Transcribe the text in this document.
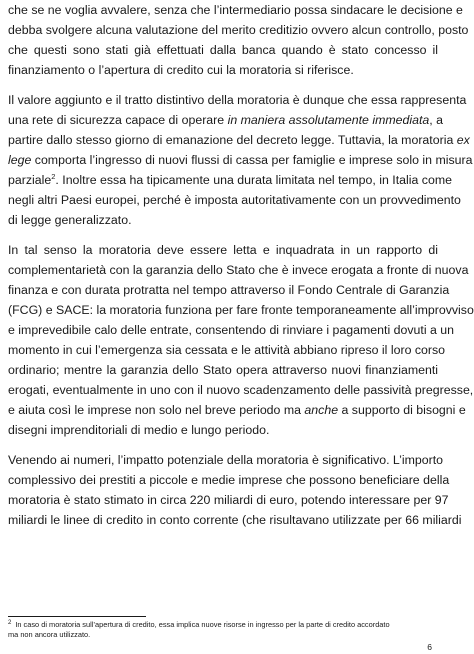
che se ne voglia avvalere, senza che l’intermediario possa sindacare le decisione e
debba svolgere alcuna valutazione del merito creditizio ovvero alcun controllo, posto
che questi sono stati già effettuati dalla banca quando è stato concesso il
finanziamento o l’apertura di credito cui la moratoria si riferisce.
Il valore aggiunto e il tratto distintivo della moratoria è dunque che essa rappresenta
una rete di sicurezza capace di operare in maniera assolutamente immediata, a
partire dallo stesso giorno di emanazione del decreto legge. Tuttavia, la moratoria ex
lege comporta l’ingresso di nuovi flussi di cassa per famiglie e imprese solo in misura
parziale$^2$. Inoltre essa ha tipicamente una durata limitata nel tempo, in Italia come
negli altri Paesi europei, perché è imposta autoritativamente con un provvedimento
di legge generalizzato.
In tal senso la moratoria deve essere letta e inquadrata in un rapporto di
complementarietà con la garanzia dello Stato che è invece erogata a fronte di nuova
finanza e con durata protratta nel tempo attraverso il Fondo Centrale di Garanzia
(FCG) e SACE: la moratoria funziona per fare fronte temporaneamente all’improvviso
e imprevedibile calo delle entrate, consentendo di rinviare i pagamenti dovuti a un
momento in cui l’emergenza sia cessata e le attività abbiano ripreso il loro corso
ordinario; mentre la garanzia dello Stato opera attraverso nuovi finanziamenti
erogati, eventualmente in uno con il nuovo scadenzamento delle passività pregresse,
e aiuta così le imprese non solo nel breve periodo ma anche a supporto di bisogni e
disegni imprenditoriali di medio e lungo periodo.
Venendo ai numeri, l’impatto potenziale della moratoria è significativo. L’importo
complessivo dei prestiti a piccole e medie imprese che possono beneficiare della
moratoria è stato stimato in circa 220 miliardi di euro, potendo interessare per 97
miliardi le linee di credito in conto corrente (che risultavano utilizzate per 66 miliardi
$^2$ In caso di moratoria sull’apertura di credito, essa implica nuove risorse in ingresso per la parte di credito accordato
ma non ancora utilizzato.
6
